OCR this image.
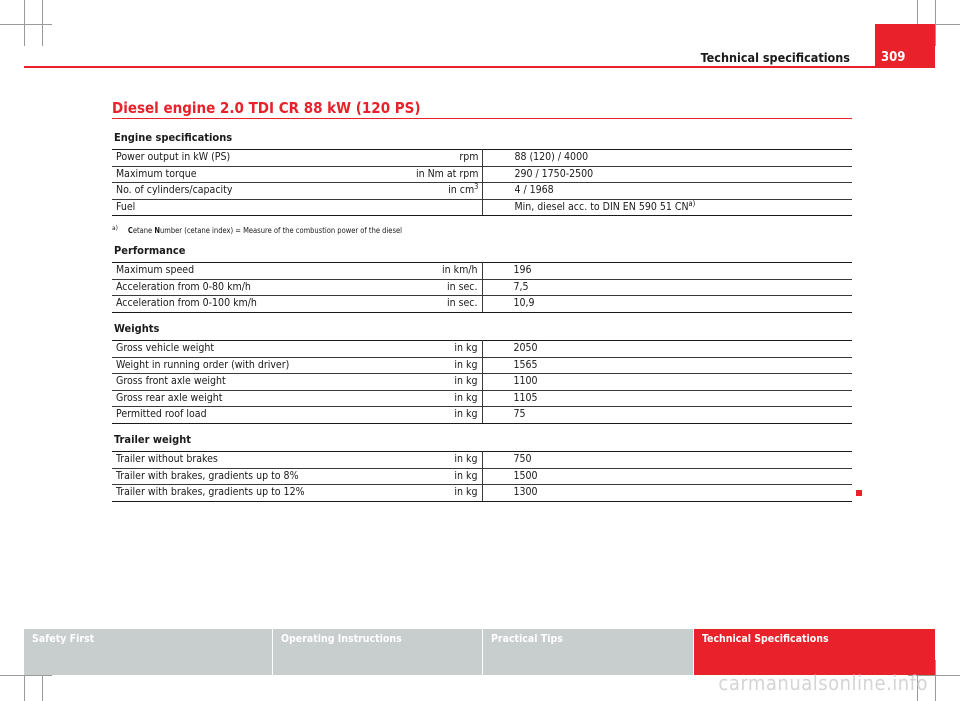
Technical specifications	309
Diesel engine 2.0 TDI CR 88 kW (120 PS)
Engine specifications
Power output in kW (PS)	rpm	88 (120) / 4000
Maximum torque	in Nm at rpm	290 / 1750-2500
No. of cylinders/capacity	in $cm^3$	4 / 1968
Fuel		Min, diesel acc. to DIN EN 590 51 CN$^{a)}$
a) Cetane Number (cetane index) = Measure of the combustion power of the diesel
Performance
Maximum speed	in km/h	196
Acceleration from 0-80 km/h	in sec.	7,5
Acceleration from 0-100 km/h	in sec.	10,9
Weights
Gross vehicle weight	in kg	2050
Weight in running order (with driver)	in kg	1565
Gross front axle weight	in kg	1100
Gross rear axle weight	in kg	1105
Permitted roof load	in kg	75
Trailer weight
Trailer without brakes	in kg	750
Trailer with brakes, gradients up to 8%	in kg	1500
Trailer with brakes, gradients up to 12%	in kg	1300
Safety First	Operating Instructions	Practical Tips	Technical Specifications
carmanualsonline.info
